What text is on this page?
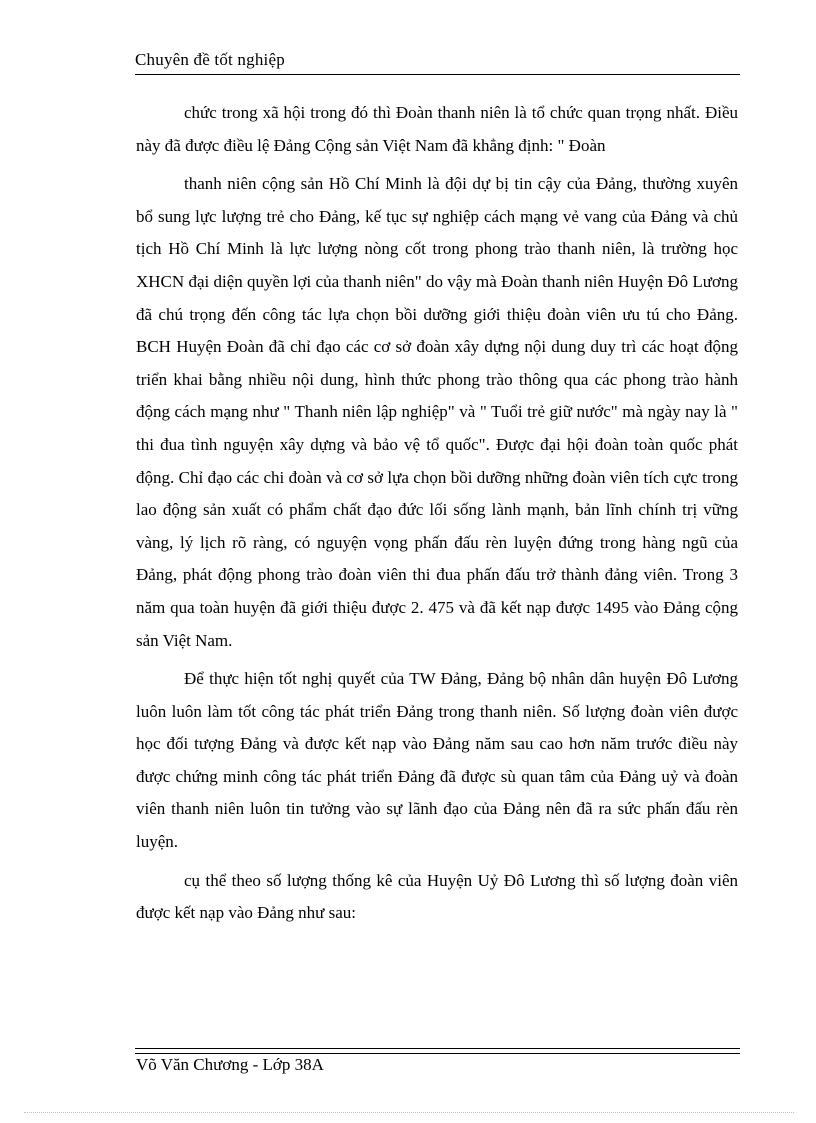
Chuyên đề tốt nghiệp

chức trong xã hội trong đó thì Đoàn thanh niên là tổ chức quan trọng nhất. Điều này đã được điều lệ Đảng Cộng sản Việt Nam đã khẳng định: " Đoàn

thanh niên cộng sản Hồ Chí Minh là đội dự bị tin cậy của Đảng, thường xuyên bổ sung lực lượng trẻ cho Đảng, kế tục sự nghiệp cách mạng vẻ vang của Đảng và chủ tịch Hồ Chí Minh là lực lượng nòng cốt trong phong trào thanh niên, là trường học XHCN đại diện quyền lợi của thanh niên" do vậy mà Đoàn thanh niên Huyện Đô Lương đã chú trọng đến công tác lựa chọn bồi dưỡng giới thiệu đoàn viên ưu tú cho Đảng. BCH Huyện Đoàn đã chỉ đạo các cơ sở đoàn xây dựng nội dung duy trì các hoạt động triển khai bằng nhiều nội dung, hình thức phong trào thông qua các phong trào hành động cách mạng như " Thanh niên lập nghiệp" và " Tuổi trẻ giữ nước" mà ngày nay là " thi đua tình nguyện xây dựng và bảo vệ tổ quốc". Được đại hội đoàn toàn quốc phát động. Chỉ đạo các chi đoàn và cơ sở lựa chọn bồi dưỡng những đoàn viên tích cực trong lao động sản xuất có phẩm chất đạo đức lối sống lành mạnh, bản lĩnh chính trị vững vàng, lý lịch rõ ràng, có nguyện vọng phấn đấu rèn luyện đứng trong hàng ngũ của Đảng, phát động phong trào đoàn viên thi đua phấn đấu trở thành đảng viên. Trong 3 năm qua toàn huyện đã giới thiệu được 2. 475 và đã kết nạp được 1495 vào Đảng cộng sản Việt Nam.

Để thực hiện tốt nghị quyết của TW Đảng, Đảng bộ nhân dân huyện Đô Lương luôn luôn làm tốt công tác phát triển Đảng trong thanh niên. Số lượng đoàn viên được học đối tượng Đảng và được kết nạp vào Đảng năm sau cao hơn năm trước điều này được chứng minh công tác phát triển Đảng đã được sù quan tâm của Đảng uỷ và đoàn viên thanh niên luôn tin tưởng vào sự lãnh đạo của Đảng nên đã ra sức phấn đấu rèn luyện.

cụ thể theo số lượng thống kê của Huyện Uỷ Đô Lương thì số lượng đoàn viên được kết nạp vào Đảng như sau:

Võ Văn Chương - Lớp 38A
